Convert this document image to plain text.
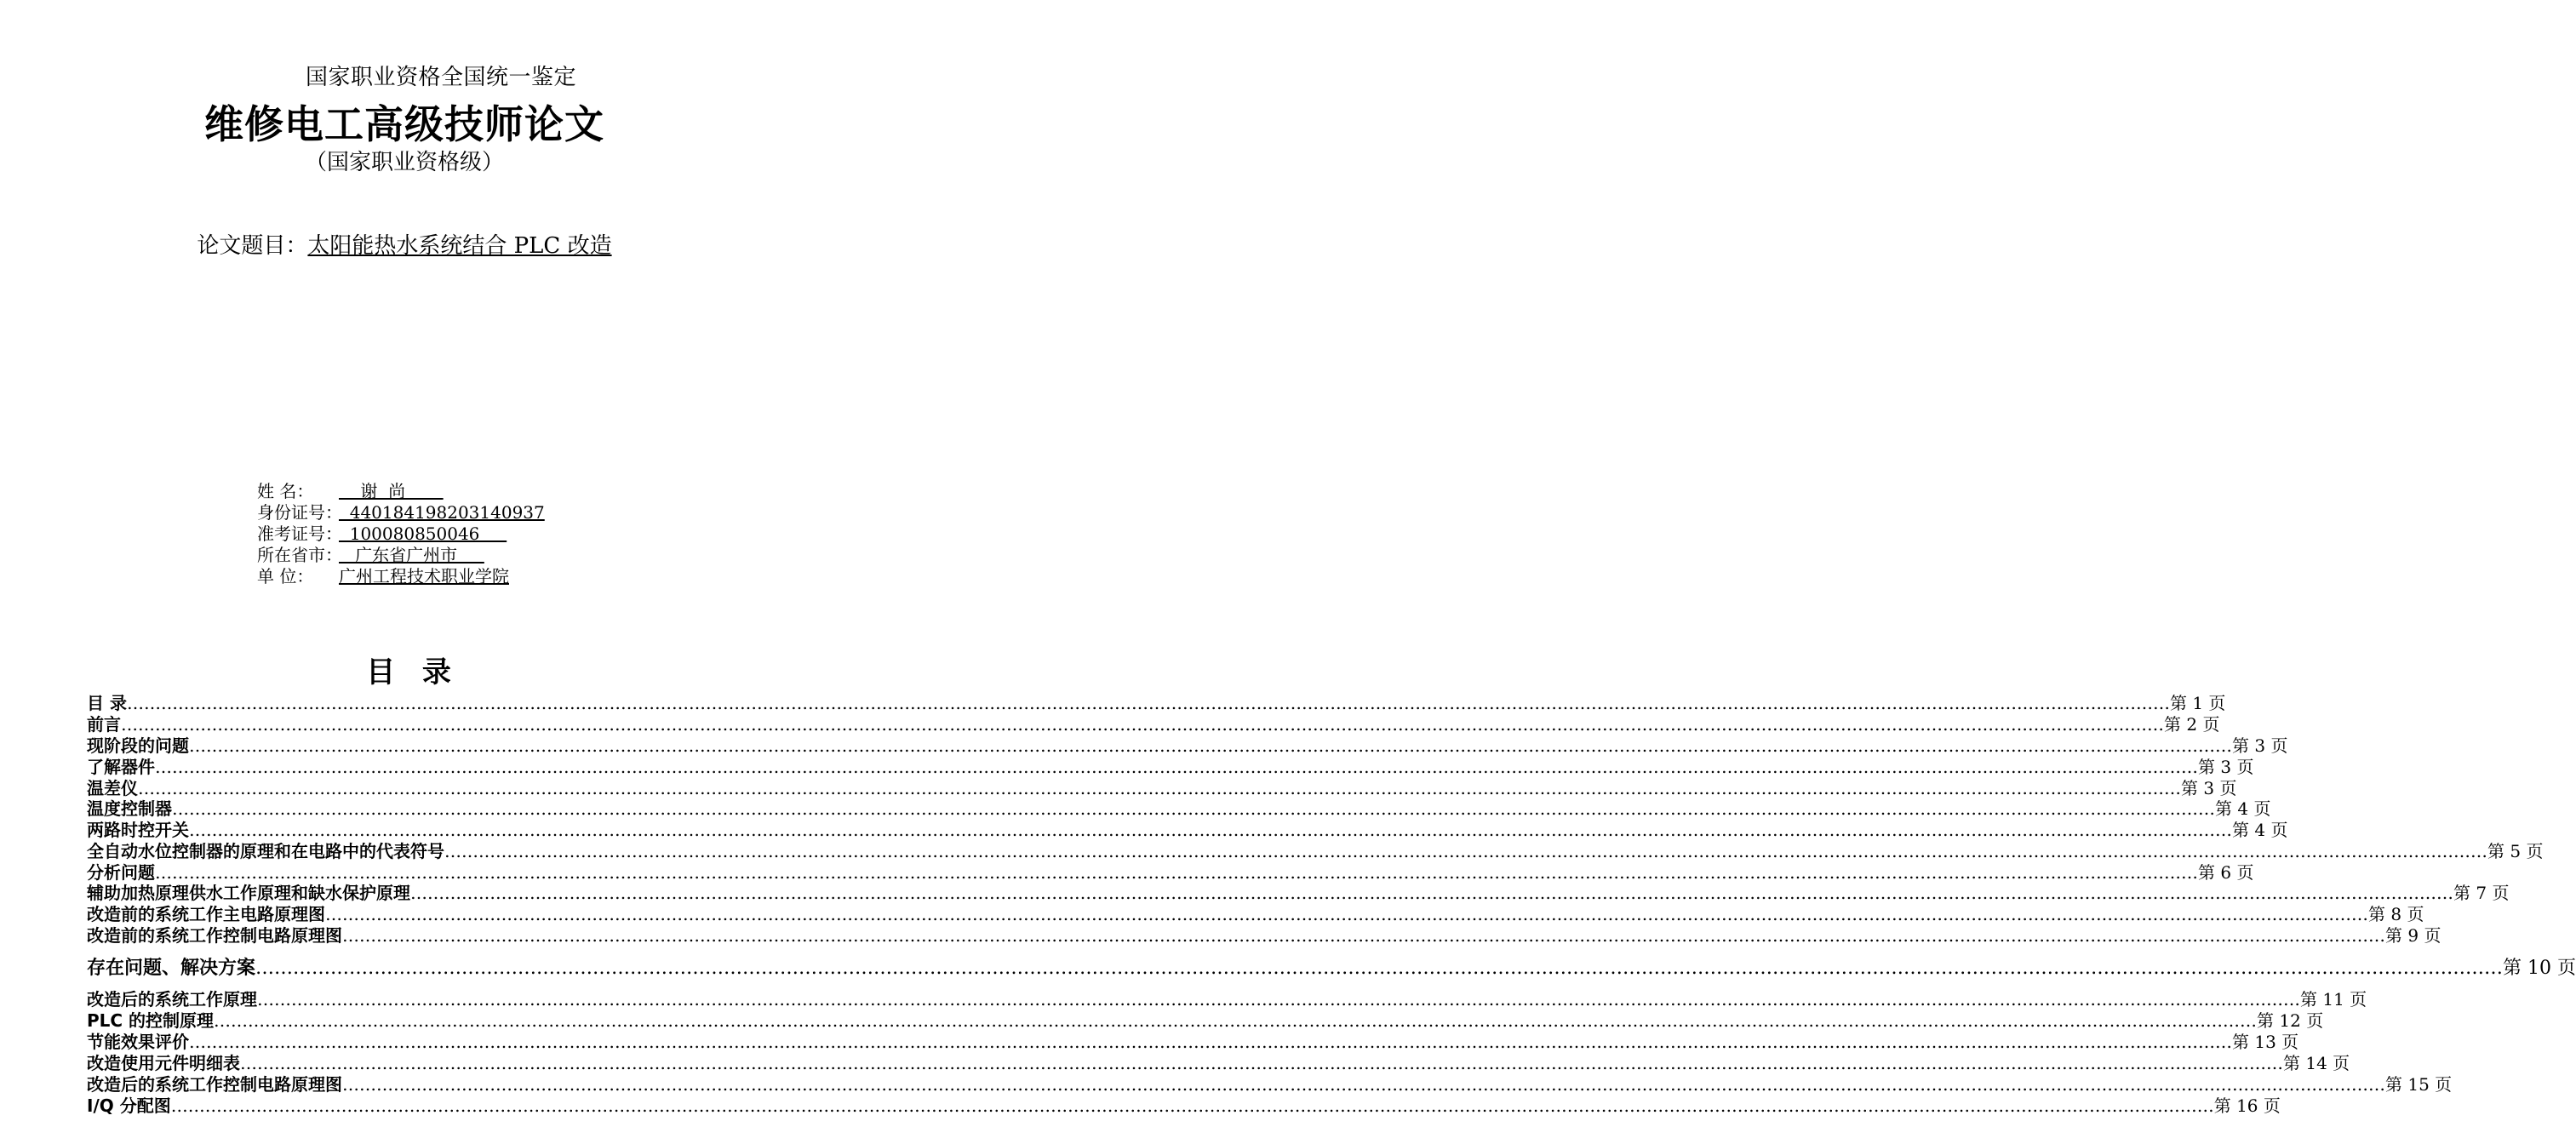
国家职业资格全国统一鉴定
维修电工高级技师论文
（国家职业资格级）
论文题目：太阳能热水系统结合 PLC 改造
姓 名：    谢  尚
身份证号：  440184198203140937
准考证号：  100080850046
所在省市：   广东省广州市
单 位： 广州工程技术职业学院
目 录
目 录 ……………………………………………………………………………………………………………………………………………………………………………………………………………………………………………………………………………………………………………………………… 第 1 页
前言 ……………………………………………………………………………………………………………………………………………………………………………………………………………………………………………………………………………………………………………………………… 第 2 页
现阶段的问题 ……………………………………………………………………………………………………………………………………………………………………………………………………………………………………………………………………………………………………………………………… 第 3 页
了解器件 ……………………………………………………………………………………………………………………………………………………………………………………………………………………………………………………………………………………………………………………………… 第 3 页
温差仪 ……………………………………………………………………………………………………………………………………………………………………………………………………………………………………………………………………………………………………………………………… 第 3 页
温度控制器 ……………………………………………………………………………………………………………………………………………………………………………………………………………………………………………………………………………………………………………………………… 第 4 页
两路时控开关 ……………………………………………………………………………………………………………………………………………………………………………………………………………………………………………………………………………………………………………………………… 第 4 页
全自动水位控制器的原理和在电路中的代表符号 ……………………………………………………………………………………………………………………………………………………………………………………………………………………………………………………………………………………………………………………………… 第 5 页
分析问题 ……………………………………………………………………………………………………………………………………………………………………………………………………………………………………………………………………………………………………………………………… 第 6 页
辅助加热原理供水工作原理和缺水保护原理 ……………………………………………………………………………………………………………………………………………………………………………………………………………………………………………………………………………………………………………………………… 第 7 页
改造前的系统工作主电路原理图 ……………………………………………………………………………………………………………………………………………………………………………………………………………………………………………………………………………………………………………………………… 第 8 页
改造前的系统工作控制电路原理图 ……………………………………………………………………………………………………………………………………………………………………………………………………………………………………………………………………………………………………………………………… 第 9 页
存在问题、解决方案 ……………………………………………………………………………………………………………………………………………………………………………………………………………………………………………………………………………………………………………………………… 第 10 页
改造后的系统工作原理 ……………………………………………………………………………………………………………………………………………………………………………………………………………………………………………………………………………………………………………………………… 第 11 页
PLC 的控制原理 ……………………………………………………………………………………………………………………………………………………………………………………………………………………………………………………………………………………………………………………………… 第 12 页
节能效果评价 ……………………………………………………………………………………………………………………………………………………………………………………………………………………………………………………………………………………………………………………………… 第 13 页
改造使用元件明细表 ……………………………………………………………………………………………………………………………………………………………………………………………………………………………………………………………………………………………………………………………… 第 14 页
改造后的系统工作控制电路原理图 ……………………………………………………………………………………………………………………………………………………………………………………………………………………………………………………………………………………………………………………………… 第 15 页
I/Q 分配图 ……………………………………………………………………………………………………………………………………………………………………………………………………………………………………………………………………………………………………………………………… 第 16 页
